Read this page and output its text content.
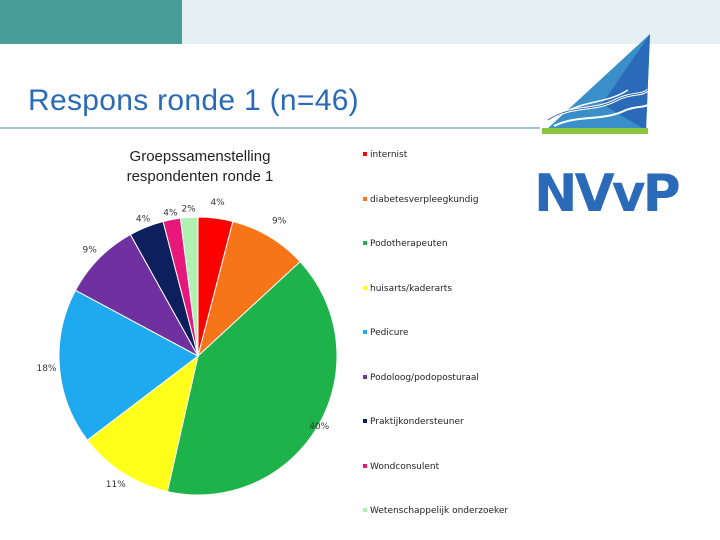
Respons ronde 1 (n=46)
NVvP
Groepssamenstelling
respondenten ronde 1
4%
9%
40%
11%
18%
9%
4%
4% 2%
internist
diabetesverpleegkundig
Podotherapeuten
huisarts/kaderarts
Pedicure
Podoloog/podoposturaal
Praktijkondersteuner
Wondconsulent
Wetenschappelijk onderzoeker
